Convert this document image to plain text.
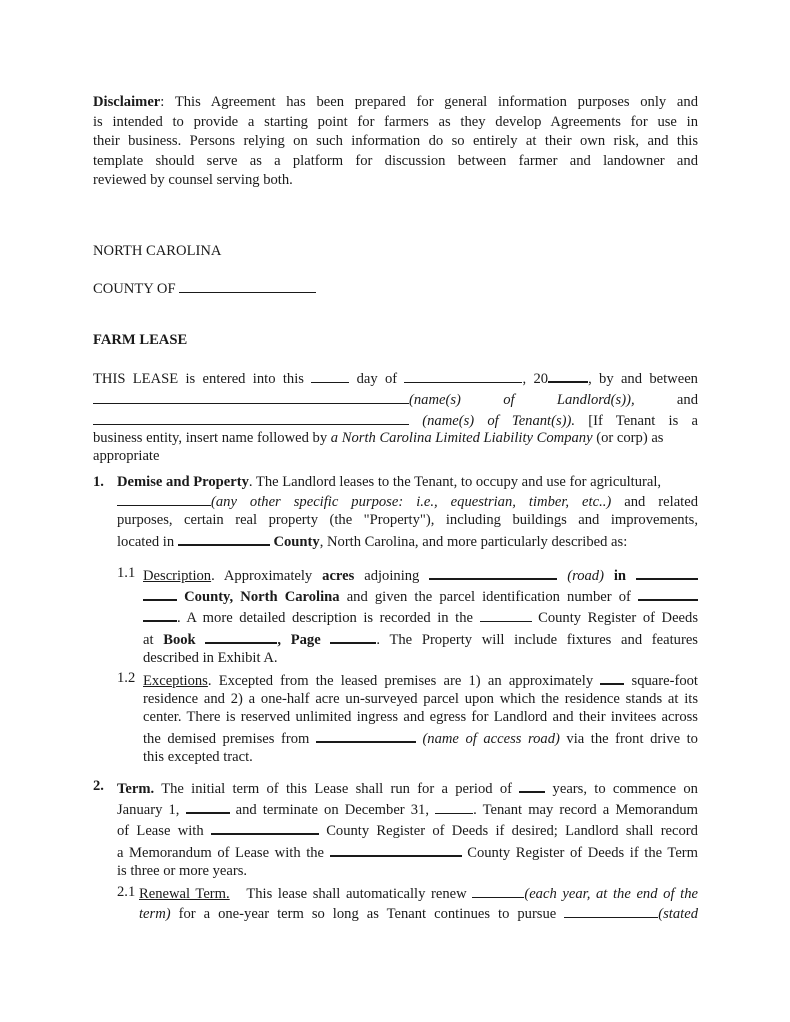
Disclaimer: This Agreement has been prepared for general information purposes only and
is intended to provide a starting point for farmers as they develop Agreements for use in
their business. Persons relying on such information do so entirely at their own risk, and this
template should serve as a platform for discussion between farmer and landowner and
reviewed by counsel serving both.
NORTH CAROLINA
COUNTY OF
FARM LEASE
THIS LEASE is entered into this	day of	, 20	, by and between
(name(s)	of	Landlord(s)),	and
(name(s) of Tenant(s)). [If Tenant is a
business entity, insert name followed by a North Carolina Limited Liability Company (or corp) as
appropriate
1. Demise and Property. The Landlord leases to the Tenant, to occupy and use for agricultural,
(any other specific purpose: i.e., equestrian, timber, etc..) and related
purposes, certain real property (the "Property"), including buildings and improvements,
located in	County, North Carolina, and more particularly described as:
1.1 Description. Approximately acres adjoining	(road) in
County, North Carolina and given the parcel identification number of
. A more detailed description is recorded in the	County Register of Deeds
at Book	, Page	. The Property will include fixtures and features
described in Exhibit A.
1.2 Exceptions. Excepted from the leased premises are 1) an approximately	square-foot
residence and 2) a one-half acre un-surveyed parcel upon which the residence stands at its
center. There is reserved unlimited ingress and egress for Landlord and their invitees across
the demised premises from	(name of access road) via the front drive to
this excepted tract.
2. Term. The initial term of this Lease shall run for a period of	years, to commence on
January 1,	and terminate on December 31,	. Tenant may record a Memorandum
of Lease with	County Register of Deeds if desired; Landlord shall record
a Memorandum of Lease with the	County Register of Deeds if the Term
is three or more years.
2.1 Renewal Term. This lease shall automatically renew	(each year, at the end of the
term) for a one-year term so long as Tenant continues to pursue	(stated
